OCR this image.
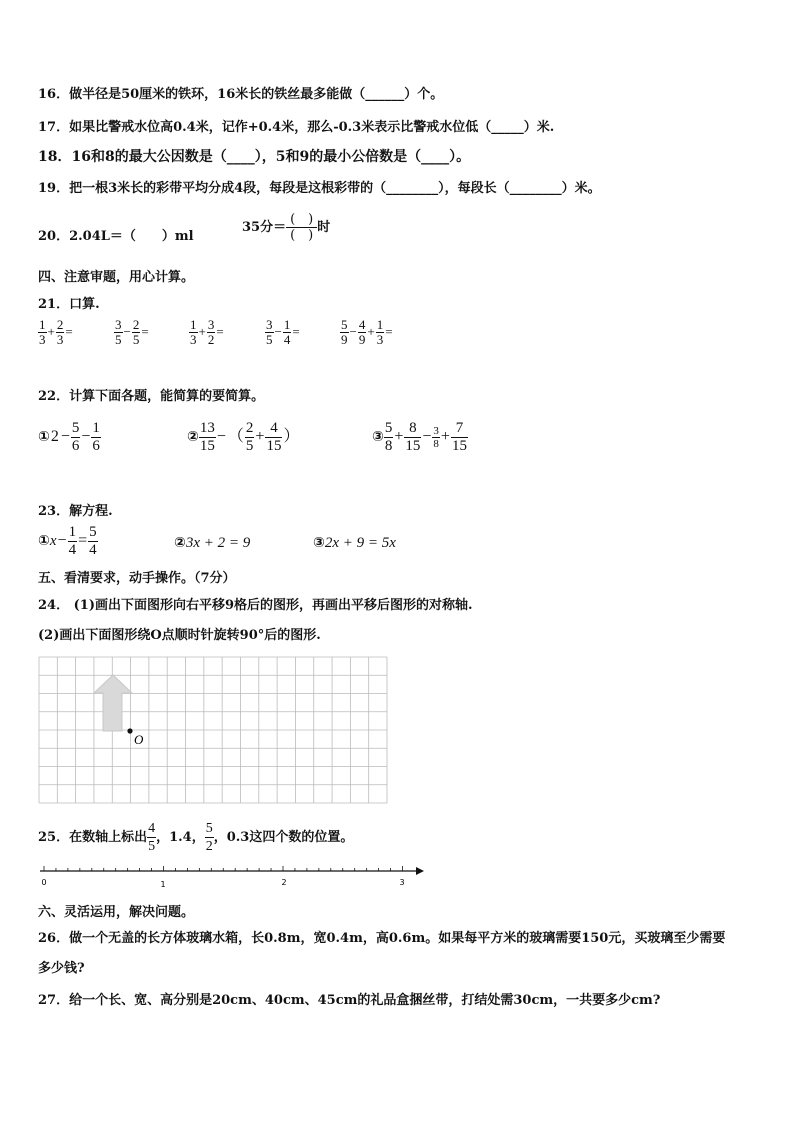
16．做半径是50厘米的铁环，16米长的铁丝最多能做（______）个。
17．如果比警戒水位高0.4米，记作+0.4米，那么-0.3米表示比警戒水位低（_____）米.
18．16和8的最大公因数是（____），5和9的最小公倍数是（____）。
19．把一根3米长的彩带平均分成4段，每段是这根彩带的（________），每段长（________）米。
20．2.04L＝（　　）ml
35分＝ $\frac{( )}{( )}$ 时
四、注意审题，用心计算。
21．口算.
$\frac{1}{3} + \frac{2}{3}$ =	$\frac{3}{5} - \frac{2}{5}$ =	$\frac{1}{3} + \frac{3}{2}$ =	$\frac{3}{5} - \frac{1}{4}$ =	$\frac{5}{9} - \frac{4}{9} + \frac{1}{3}$ =
22．计算下面各题，能简算的要简算。
①2 − $\frac{5}{6} - \frac{1}{6}$	② $\frac{13}{15}$ − （ $\frac{2}{5} + \frac{4}{15}$ ）	③ $\frac{5}{8} + \frac{8}{15} - \frac{3}{8} + \frac{7}{15}$
23．解方程.
①x− $\frac{1}{4} = \frac{5}{4}$	②3x + 2 = 9	③2x + 9 = 5x
五、看清要求，动手操作。（7分）
24． (1)画出下面图形向右平移9格后的图形，再画出平移后图形的对称轴.
(2)画出下面图形绕O点顺时针旋转90°后的图形.
O
25．在数轴上标出 $\frac{4}{5}$ ，1.4， $\frac{5}{2}$ ，0.3这四个数的位置。
0	1	2	3
六、灵活运用，解决问题。
26．做一个无盖的长方体玻璃水箱，长0.8m，宽0.4m，高0.6m。如果每平方米的玻璃需要150元，买玻璃至少需要
多少钱?
27．给一个长、宽、高分别是20cm、40cm、45cm的礼品盒捆丝带，打结处需30cm，一共要多少cm?
